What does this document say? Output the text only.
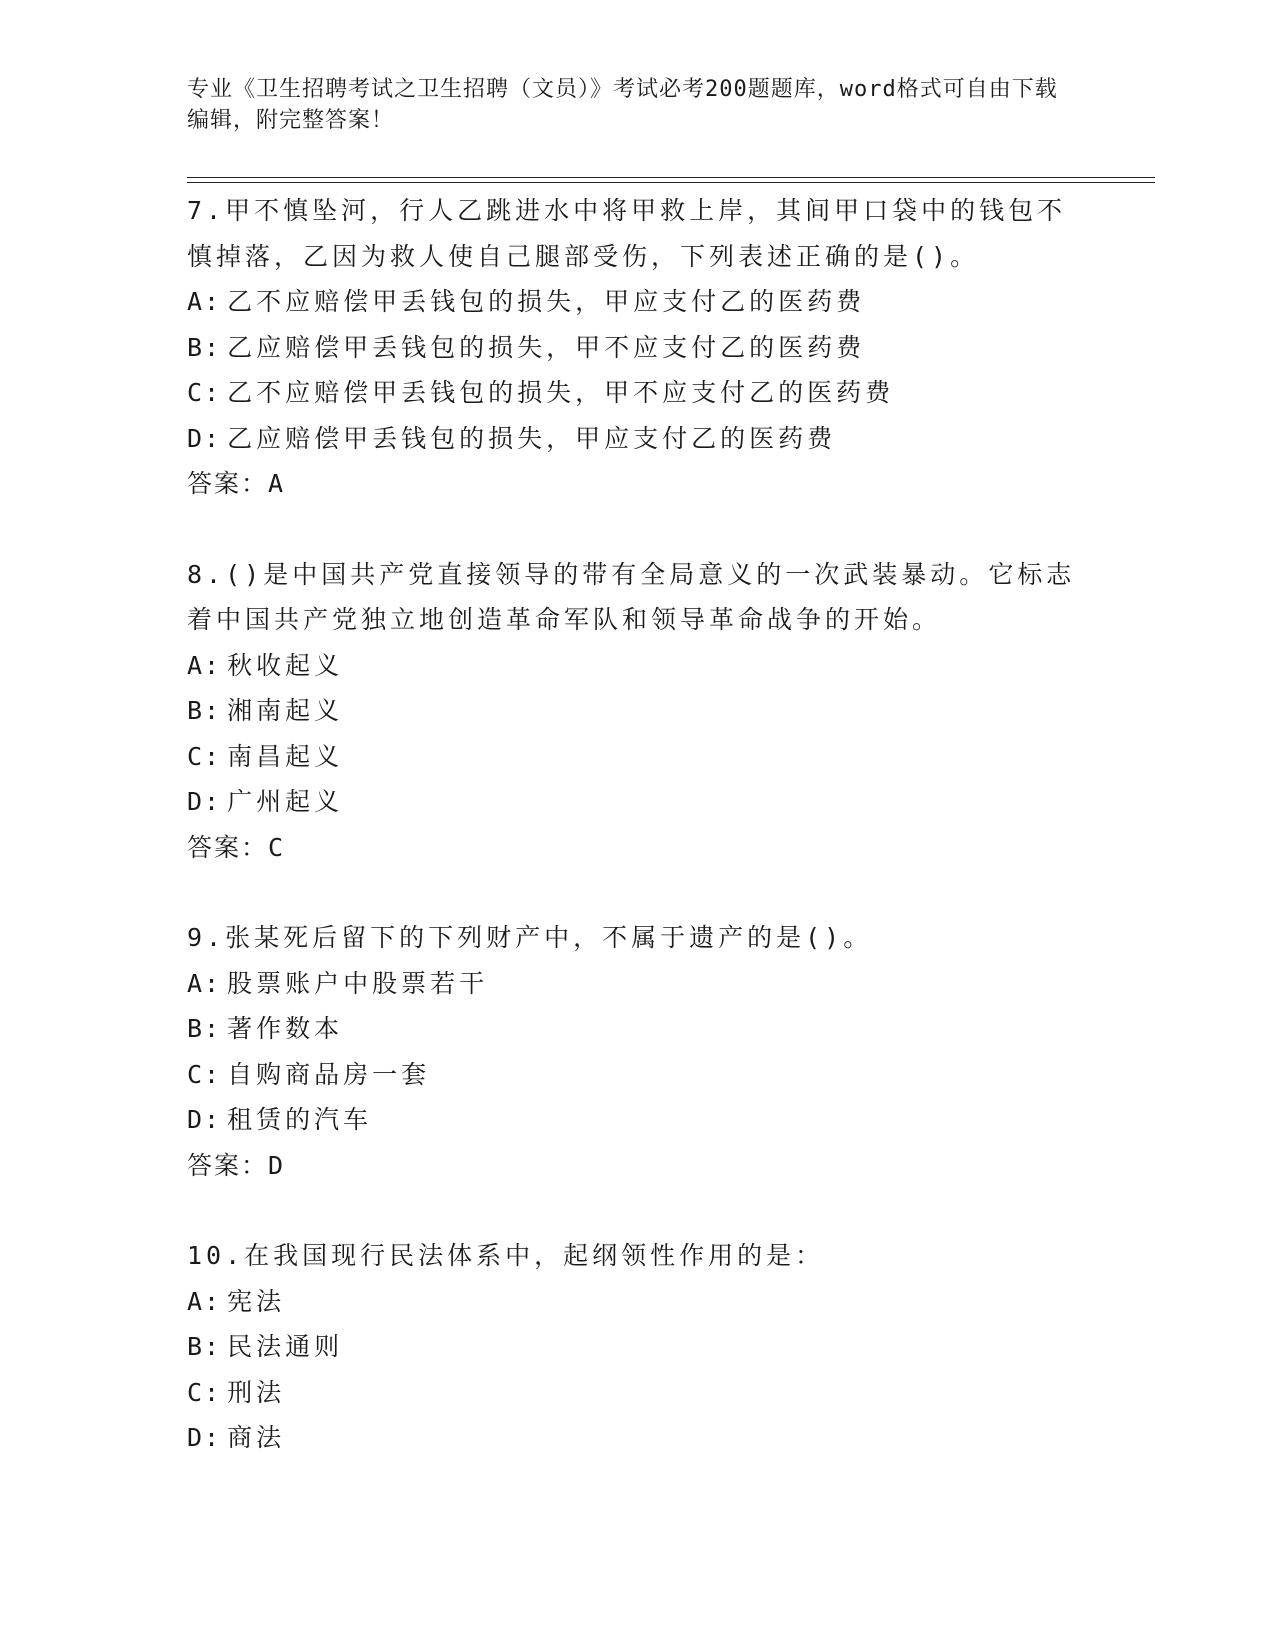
专业《卫生招聘考试之卫生招聘（文员）》考试必考200题题库，word格式可自由下载编辑，附完整答案！
7.甲不慎坠河，行人乙跳进水中将甲救上岸，其间甲口袋中的钱包不
慎掉落，乙因为救人使自己腿部受伤，下列表述正确的是()。
A: 乙不应赔偿甲丢钱包的损失，甲应支付乙的医药费
B: 乙应赔偿甲丢钱包的损失，甲不应支付乙的医药费
C: 乙不应赔偿甲丢钱包的损失，甲不应支付乙的医药费
D: 乙应赔偿甲丢钱包的损失，甲应支付乙的医药费
答案：A
8.()是中国共产党直接领导的带有全局意义的一次武装暴动。它标志
着中国共产党独立地创造革命军队和领导革命战争的开始。
A: 秋收起义
B: 湘南起义
C: 南昌起义
D: 广州起义
答案：C
9.张某死后留下的下列财产中，不属于遗产的是()。
A: 股票账户中股票若干
B: 著作数本
C: 自购商品房一套
D: 租赁的汽车
答案：D
10.在我国现行民法体系中，起纲领性作用的是：
A: 宪法
B: 民法通则
C: 刑法
D: 商法
